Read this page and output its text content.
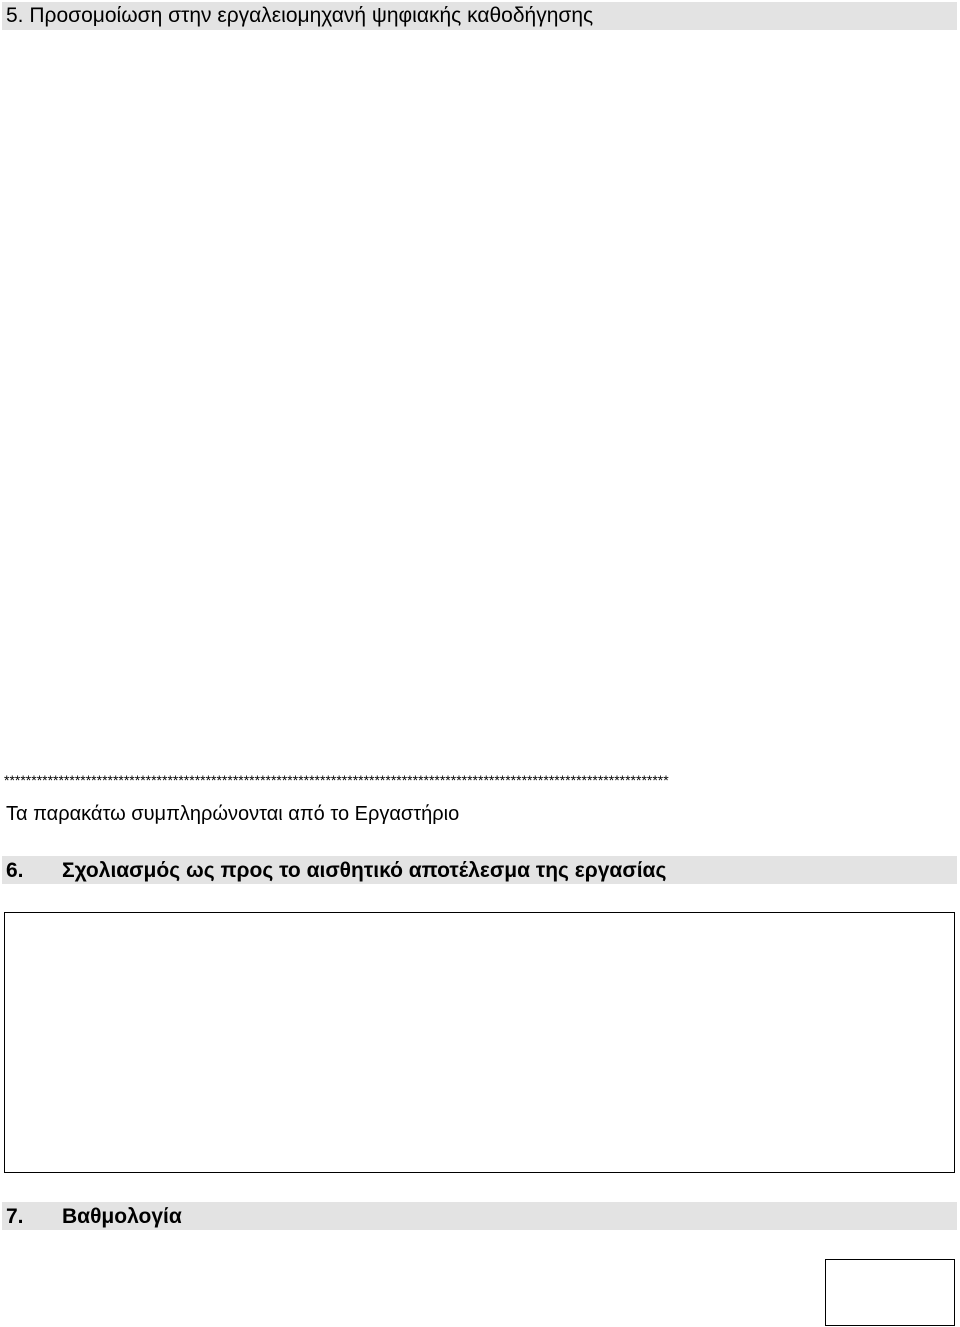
5. Προσομοίωση στην εργαλειομηχανή ψηφιακής καθοδήγησης
**************************************************************************************************************************
Τα παρακάτω συμπληρώνονται από το Εργαστήριο
6. Σχολιασμός ως προς το αισθητικό αποτέλεσμα της εργασίας
7. Βαθμολογία
